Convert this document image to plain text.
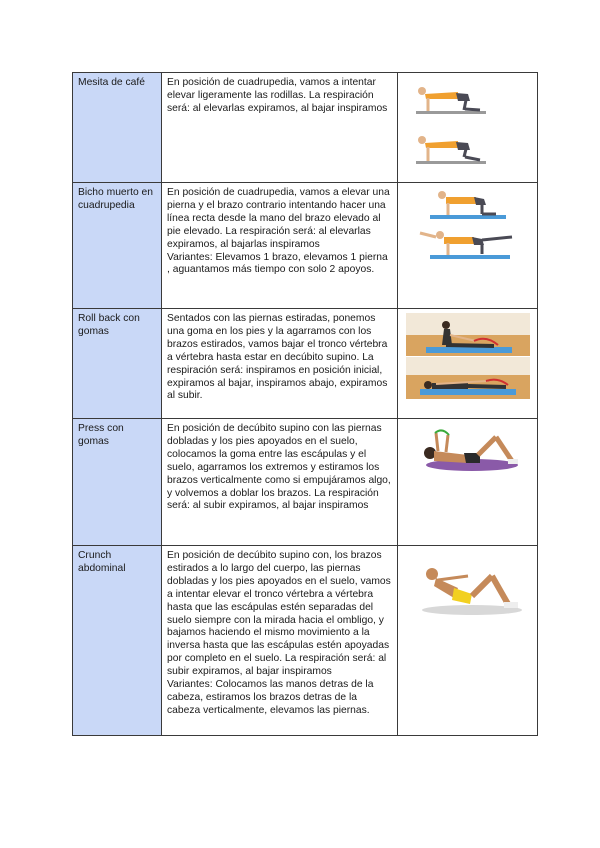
Mesita de café	En posición de cuadrupedia, vamos a intentar elevar ligeramente las rodillas. La respiración será: al elevarlas expiramos, al bajar inspiramos

Bicho muerto en cuadrupedia	En posición de cuadrupedia, vamos a elevar una pierna y el brazo contrario intentando hacer una línea recta desde la mano del brazo elevado al pie elevado. La respiración será: al elevarlas expiramos, al bajarlas inspiramos

Variantes: Elevamos 1 brazo, elevamos 1 pierna , aguantamos más tiempo con solo 2 apoyos.

Roll back con gomas	Sentados con las piernas estiradas, ponemos una goma en los pies y la agarramos con los brazos estirados, vamos bajar el tronco vértebra a vértebra hasta estar en decúbito supino. La respiración será: inspiramos en posición inicial, expiramos al bajar, inspiramos abajo, expiramos al subir.

Press con gomas	En posición de decúbito supino con las piernas dobladas y los pies apoyados en el suelo, colocamos la goma entre las escápulas y el suelo, agarramos los extremos y estiramos los brazos verticalmente como si empujáramos algo, y volvemos a doblar los brazos. La respiración será: al subir expiramos, al bajar inspiramos

Crunch abdominal	En posición de decúbito supino con, los brazos estirados a lo largo del cuerpo, las piernas dobladas y los pies apoyados en el suelo, vamos a intentar elevar el tronco vértebra a vértebra hasta que las escápulas estén separadas del suelo siempre con la mirada hacia el ombligo, y bajamos haciendo el mismo movimiento a la inversa hasta que las escápulas estén apoyadas por completo en el suelo. La respiración será: al subir expiramos, al bajar inspiramos

Variantes: Colocamos las manos detras de la cabeza, estiramos los brazos detras de la cabeza verticalmente, elevamos las piernas.
